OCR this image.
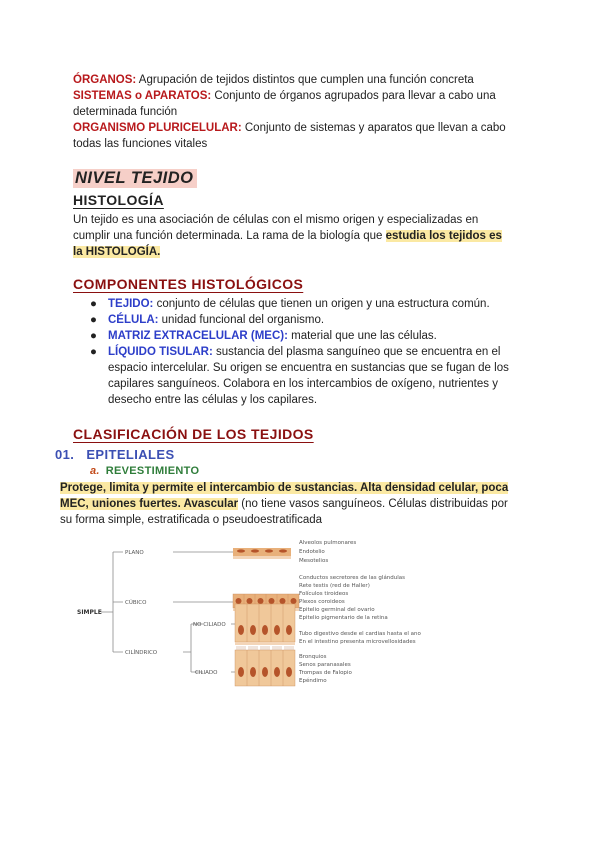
ÓRGANOS: Agrupación de tejidos distintos que cumplen una función concreta
SISTEMAS o APARATOS: Conjunto de órganos agrupados para llevar a cabo una
determinada función
ORGANISMO PLURICELULAR: Conjunto de sistemas y aparatos que llevan a cabo
todas las funciones vitales
NIVEL TEJIDO
HISTOLOGÍA
Un tejido es una asociación de células con el mismo origen y especializadas en
cumplir una función determinada. La rama de la biología que estudia los tejidos es
la HISTOLOGÍA.
COMPONENTES HISTOLÓGICOS
● TEJIDO: conjunto de células que tienen un origen y una estructura común.
● CÉLULA: unidad funcional del organismo.
● MATRIZ EXTRACELULAR (MEC): material que une las células.
● LÍQUIDO TISULAR: sustancia del plasma sanguíneo que se encuentra en el
espacio intercelular. Su origen se encuentra en sustancias que se fugan de los
capilares sanguíneos. Colabora en los intercambios de oxígeno, nutrientes y
desecho entre las células y los capilares.
CLASIFICACIÓN DE LOS TEJIDOS
01. EPITELIALES
a. REVESTIMIENTO
Protege, limita y permite el intercambio de sustancias. Alta densidad celular, poca
MEC, uniones fuertes. Avascular (no tiene vasos sanguíneos. Células distribuidas por
su forma simple, estratificada o pseudoestratificada
SIMPLE
PLANO
CÚBICO
CILÍNDRICO
NO CILIADO
CILIADO
Alveolos pulmonares
Endotelio
Mesotelios
Conductos secretores de las glándulas
Rete testis (red de Haller)
Folículos tiroideos
Plexos coroideos
Epitelio germinal del ovario
Epitelio pigmentario de la retina
Tubo digestivo desde el cardias hasta el ano
En el intestino presenta microvellosidades
Bronquios
Senos paranasales
Trompas de Falopio
Epéndimo
